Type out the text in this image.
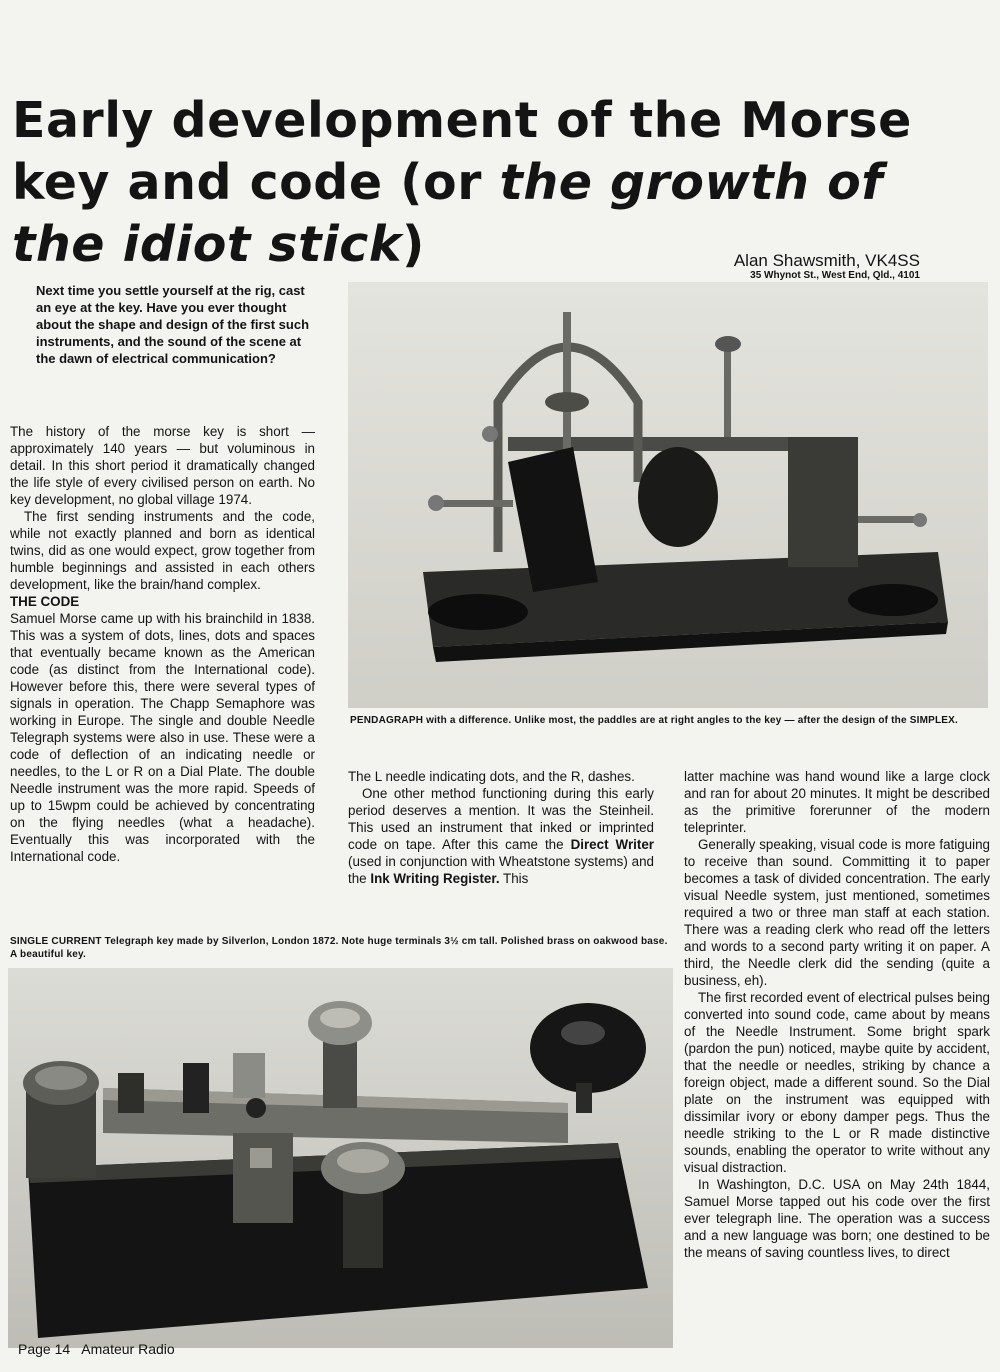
Early development of the Morse
key and code (or the growth of
the idiot stick)	Alan Shawsmith, VK4SS
35 Whynot St., West End, Qld., 4101
Next time you settle yourself at the rig, cast an eye at the key. Have you ever thought about the shape and design of the first such instruments, and the sound of the scene at the dawn of electrical communication?

The history of the morse key is short — approximately 140 years — but voluminous in detail. In this short period it dramatically changed the life style of every civilised person on earth. No key development, no global village 1974.

The first sending instruments and the code, while not exactly planned and born as identical twins, did as one would expect, grow together from humble beginnings and assisted in each others development, like the brain/hand complex.

THE CODE

Samuel Morse came up with his brainchild in 1838. This was a system of dots, lines, dots and spaces that eventually became known as the American code (as distinct from the International code). However before this, there were several types of signals in operation. The Chapp Semaphore was working in Europe. The single and double Needle Telegraph systems were also in use. These were a code of deflection of an indicating needle or needles, to the L or R on a Dial Plate. The double Needle instrument was the more rapid. Speeds of up to 15wpm could be achieved by concentrating on the flying needles (what a headache). Eventually this was incorporated with the International code.

PENDAGRAPH with a difference. Unlike most, the paddles are at right angles to the key — after the design of the SIMPLEX.

The L needle indicating dots, and the R, dashes.

One other method functioning during this early period deserves a mention. It was the Steinheil. This used an instrument that inked or imprinted code on tape. After this came the Direct Writer (used in conjunction with Wheatstone systems) and the Ink Writing Register. This

latter machine was hand wound like a large clock and ran for about 20 minutes. It might be described as the primitive forerunner of the modern teleprinter.

Generally speaking, visual code is more fatiguing to receive than sound. Committing it to paper becomes a task of divided concentration. The early visual Needle system, just mentioned, sometimes required a two or three man staff at each station. There was a reading clerk who read off the letters and words to a second party writing it on paper. A third, the Needle clerk did the sending (quite a business, eh).

The first recorded event of electrical pulses being converted into sound code, came about by means of the Needle Instrument. Some bright spark (pardon the pun) noticed, maybe quite by accident, that the needle or needles, striking by chance a foreign object, made a different sound. So the Dial plate on the instrument was equipped with dissimilar ivory or ebony damper pegs. Thus the needle striking to the L or R made distinctive sounds, enabling the operator to write without any visual distraction.

In Washington, D.C. USA on May 24th 1844, Samuel Morse tapped out his code over the first ever telegraph line. The operation was a success and a new language was born; one destined to be the means of saving countless lives, to direct

SINGLE CURRENT Telegraph key made by Silverlon, London 1872. Note huge terminals 3½ cm tall. Polished brass on oakwood base. A beautiful key.
Page 14 Amateur Radio
